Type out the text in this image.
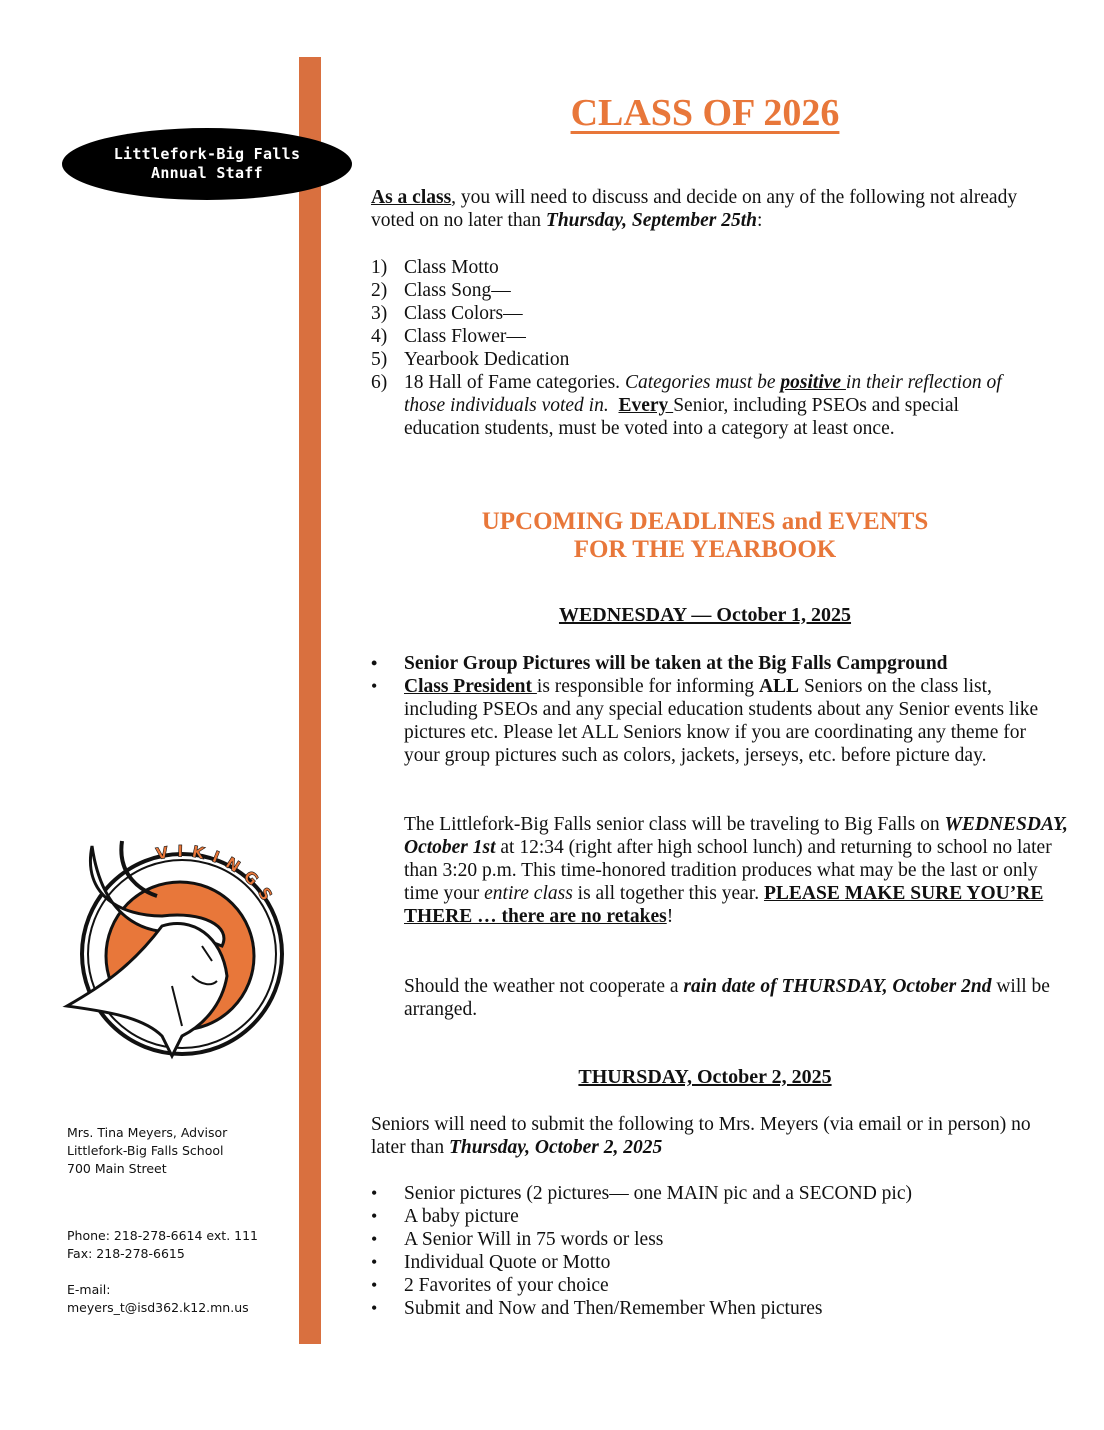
Littlefork-Big Falls
Annual Staff
VIKINGS
Mrs. Tina Meyers, Advisor
Littlefork-Big Falls School
700 Main Street
Phone: 218-278-6614 ext. 111
Fax: 218-278-6615
E-mail:
meyers_t@isd362.k12.mn.us
CLASS OF 2026
As a class, you will need to discuss and decide on any of the following not already voted on no later than Thursday, September 25th:
1) Class Motto
2) Class Song—
3) Class Colors—
4) Class Flower—
5) Yearbook Dedication
6) 18 Hall of Fame categories. Categories must be positive in their reflection of those individuals voted in. Every Senior, including PSEOs and special education students, must be voted into a category at least once.
UPCOMING DEADLINES and EVENTS
FOR THE YEARBOOK
WEDNESDAY — October 1, 2025
• Senior Group Pictures will be taken at the Big Falls Campground
• Class President is responsible for informing ALL Seniors on the class list, including PSEOs and any special education students about any Senior events like pictures etc. Please let ALL Seniors know if you are coordinating any theme for your group pictures such as colors, jackets, jerseys, etc. before picture day.
The Littlefork-Big Falls senior class will be traveling to Big Falls on WEDNESDAY, October 1st at 12:34 (right after high school lunch) and returning to school no later than 3:20 p.m. This time-honored tradition produces what may be the last or only time your entire class is all together this year. PLEASE MAKE SURE YOU’RE THERE … there are no retakes!
Should the weather not cooperate a rain date of THURSDAY, October 2nd will be arranged.
THURSDAY, October 2, 2025
Seniors will need to submit the following to Mrs. Meyers (via email or in person) no later than Thursday, October 2, 2025
• Senior pictures (2 pictures— one MAIN pic and a SECOND pic)
• A baby picture
• A Senior Will in 75 words or less
• Individual Quote or Motto
• 2 Favorites of your choice
• Submit and Now and Then/Remember When pictures
